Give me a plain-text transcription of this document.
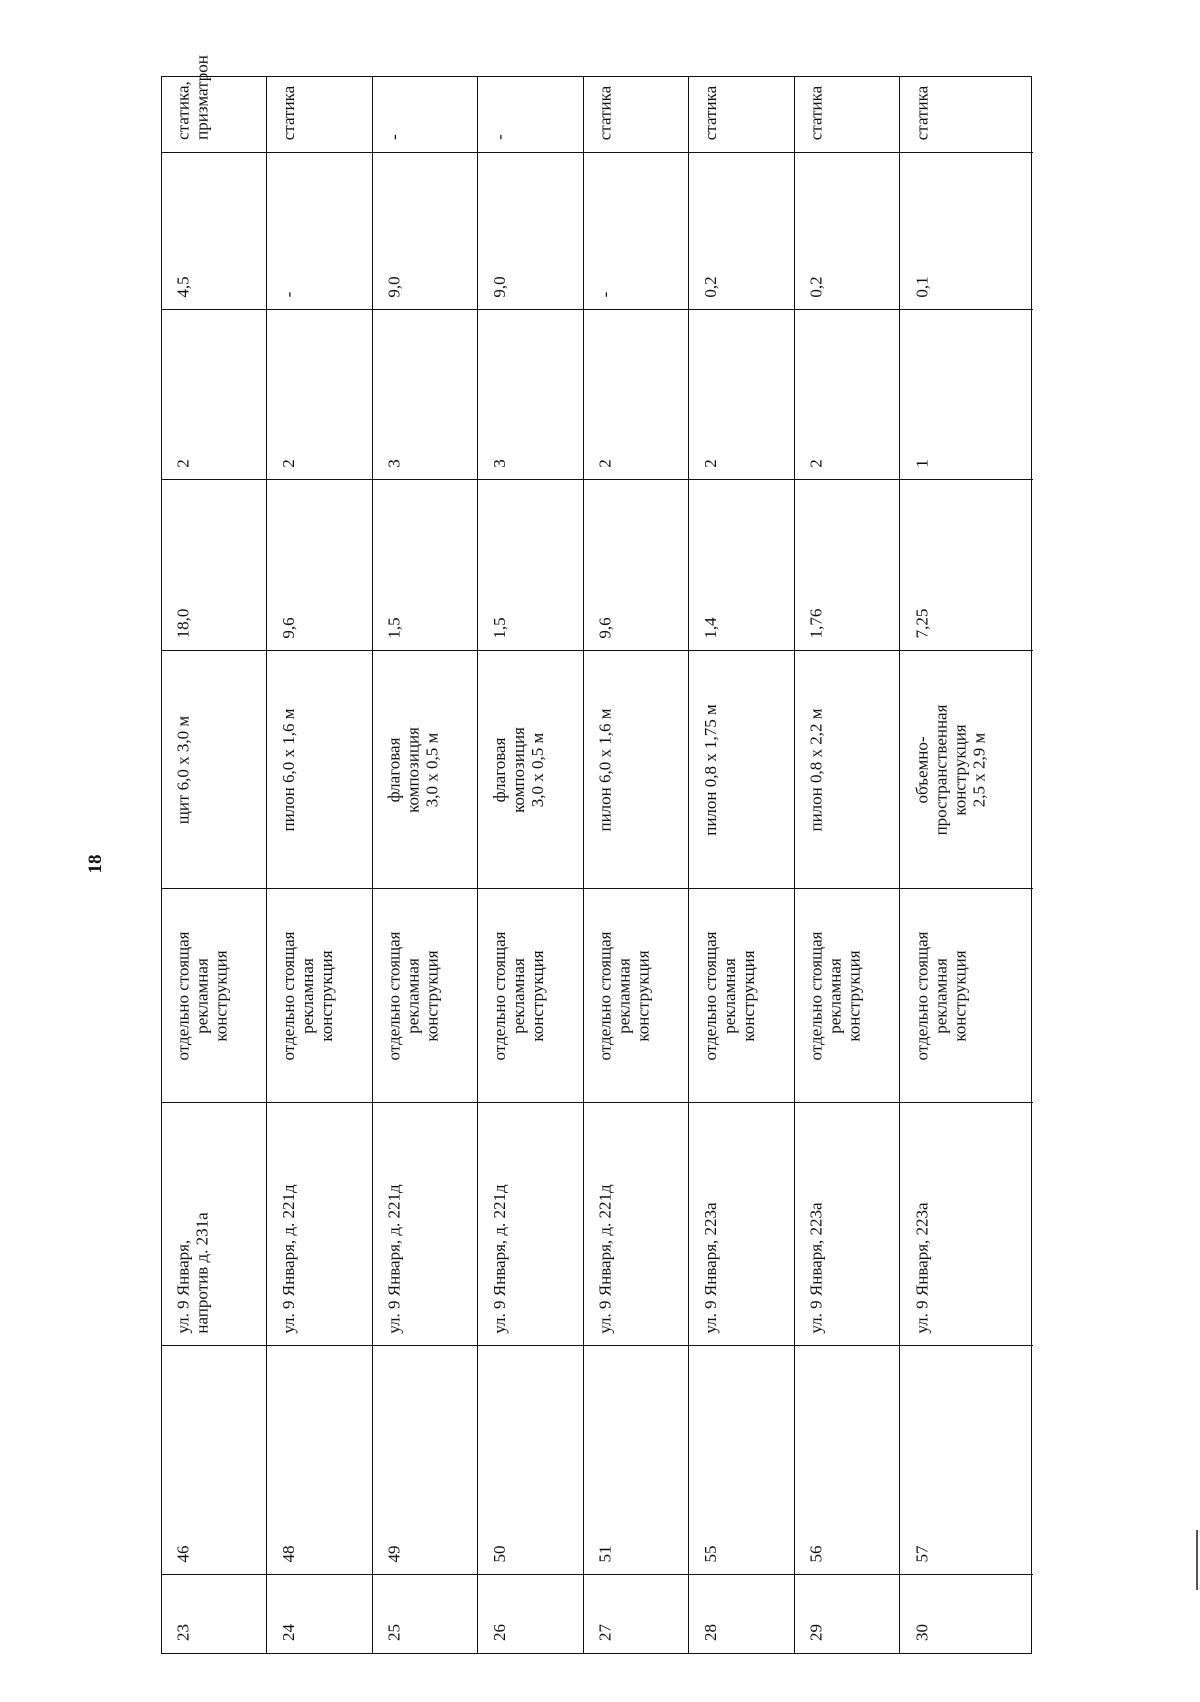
18
23
46
ул. 9 Января, напротив д. 231а
отдельно стоящая рекламная конструкция
щит 6,0 х 3,0 м
18,0
2
4,5
статика, призматрон
24
48
ул. 9 Января, д. 221д
отдельно стоящая рекламная конструкция
пилон 6,0 х 1,6 м
9,6
2
-
статика
25
49
ул. 9 Января, д. 221д
отдельно стоящая рекламная конструкция
флаговая композиция 3,0 х 0,5 м
1,5
3
9,0
-
26
50
ул. 9 Января, д. 221д
отдельно стоящая рекламная конструкция
флаговая композиция 3,0 х 0,5 м
1,5
3
9,0
-
27
51
ул. 9 Января, д. 221д
отдельно стоящая рекламная конструкция
пилон 6,0 х 1,6 м
9,6
2
-
статика
28
55
ул. 9 Января, 223а
отдельно стоящая рекламная конструкция
пилон 0,8 х 1,75 м
1,4
2
0,2
статика
29
56
ул. 9 Января, 223а
отдельно стоящая рекламная конструкция
пилон 0,8 х 2,2 м
1,76
2
0,2
статика
30
57
ул. 9 Января, 223а
отдельно стоящая рекламная конструкция
объемно- пространственная конструкция 2,5 х 2,9 м
7,25
1
0,1
статика
